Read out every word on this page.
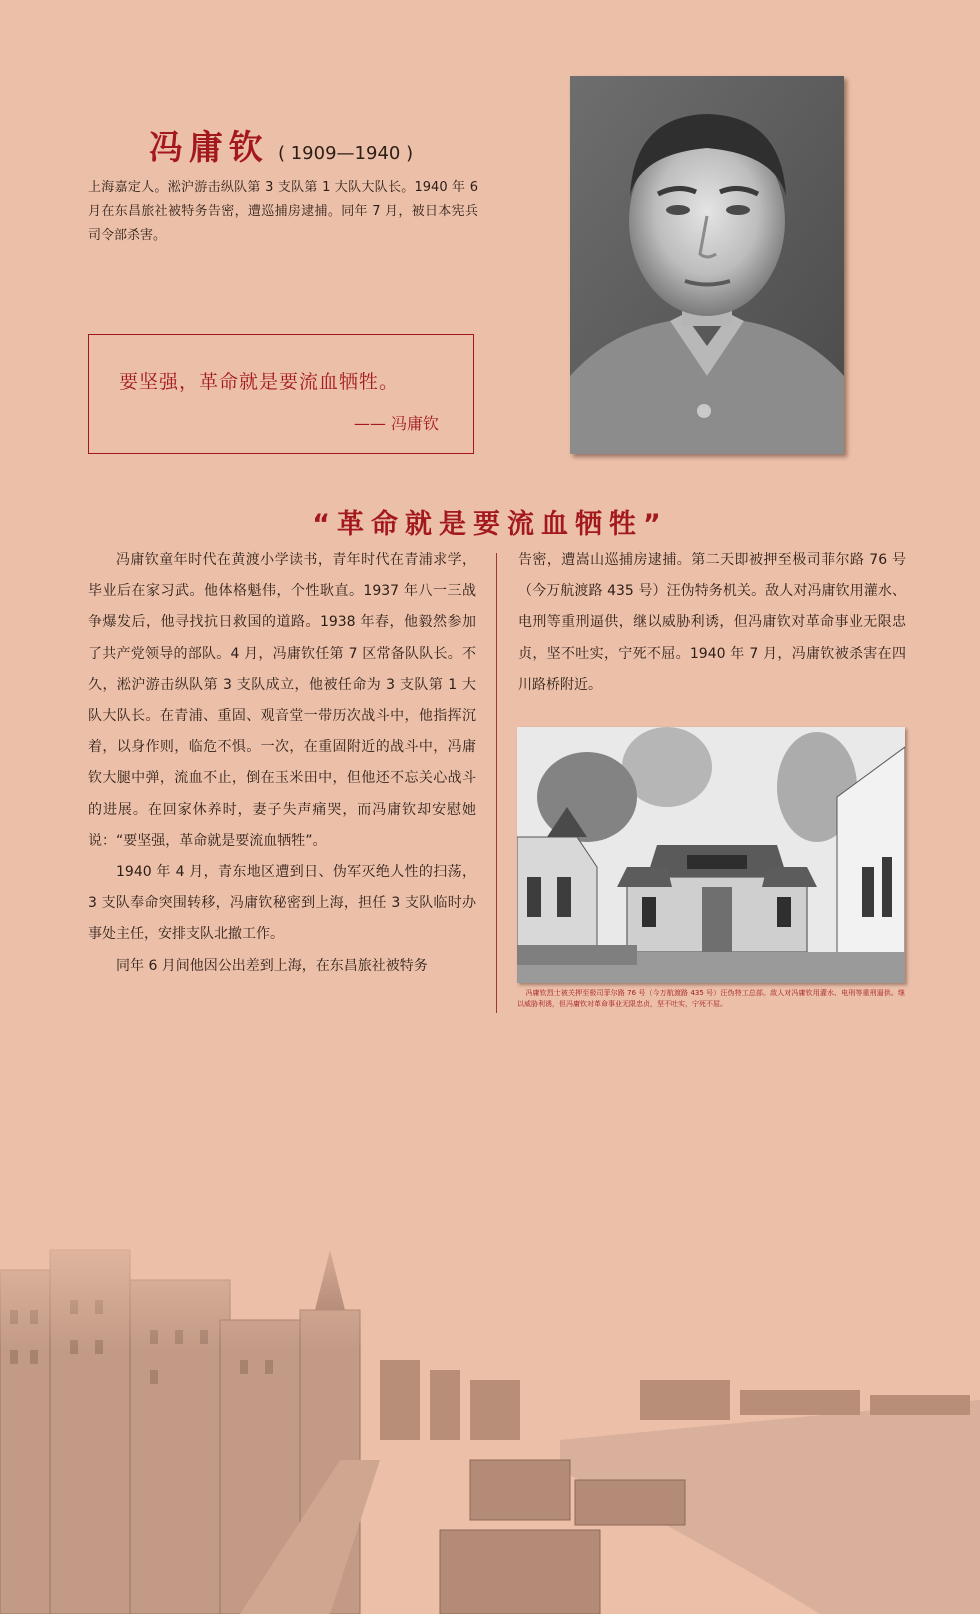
冯庸钦 ( 1909—1940 )
上海嘉定人。淞沪游击纵队第 3 支队第 1 大队大队长。1940 年 6 月在东昌旅社被特务告密，遭巡捕房逮捕。同年 7 月，被日本宪兵司令部杀害。
要坚强，革命就是要流血牺牲。
—— 冯庸钦
“革命就是要流血牺牲”

冯庸钦童年时代在黄渡小学读书，青年时代在青浦求学，毕业后在家习武。他体格魁伟，个性耿直。1937 年八一三战争爆发后，他寻找抗日救国的道路。1938 年春，他毅然参加了共产党领导的部队。4 月，冯庸钦任第 7 区常备队队长。不久，淞沪游击纵队第 3 支队成立，他被任命为 3 支队第 1 大队大队长。在青浦、重固、观音堂一带历次战斗中，他指挥沉着，以身作则，临危不惧。一次，在重固附近的战斗中，冯庸钦大腿中弹，流血不止，倒在玉米田中，但他还不忘关心战斗的进展。在回家休养时，妻子失声痛哭，而冯庸钦却安慰她说：“要坚强，革命就是要流血牺牲”。

1940 年 4 月，青东地区遭到日、伪军灭绝人性的扫荡，3 支队奉命突围转移，冯庸钦秘密到上海，担任 3 支队临时办事处主任，安排支队北撤工作。

同年 6 月间他因公出差到上海，在东昌旅社被特务

告密，遭嵩山巡捕房逮捕。第二天即被押至极司菲尔路 76 号（今万航渡路 435 号）汪伪特务机关。敌人对冯庸钦用灌水、电刑等重刑逼供，继以威胁利诱，但冯庸钦对革命事业无限忠贞，坚不吐实，宁死不屈。1940 年 7 月，冯庸钦被杀害在四川路桥附近。

冯庸钦烈士被关押至极司菲尔路 76 号（今万航渡路 435 号）汪伪特工总部。敌人对冯庸钦用灌水、电刑等重刑逼供。继以威胁利诱，但冯庸钦对革命事业无限忠贞，坚不吐实，宁死不屈。
